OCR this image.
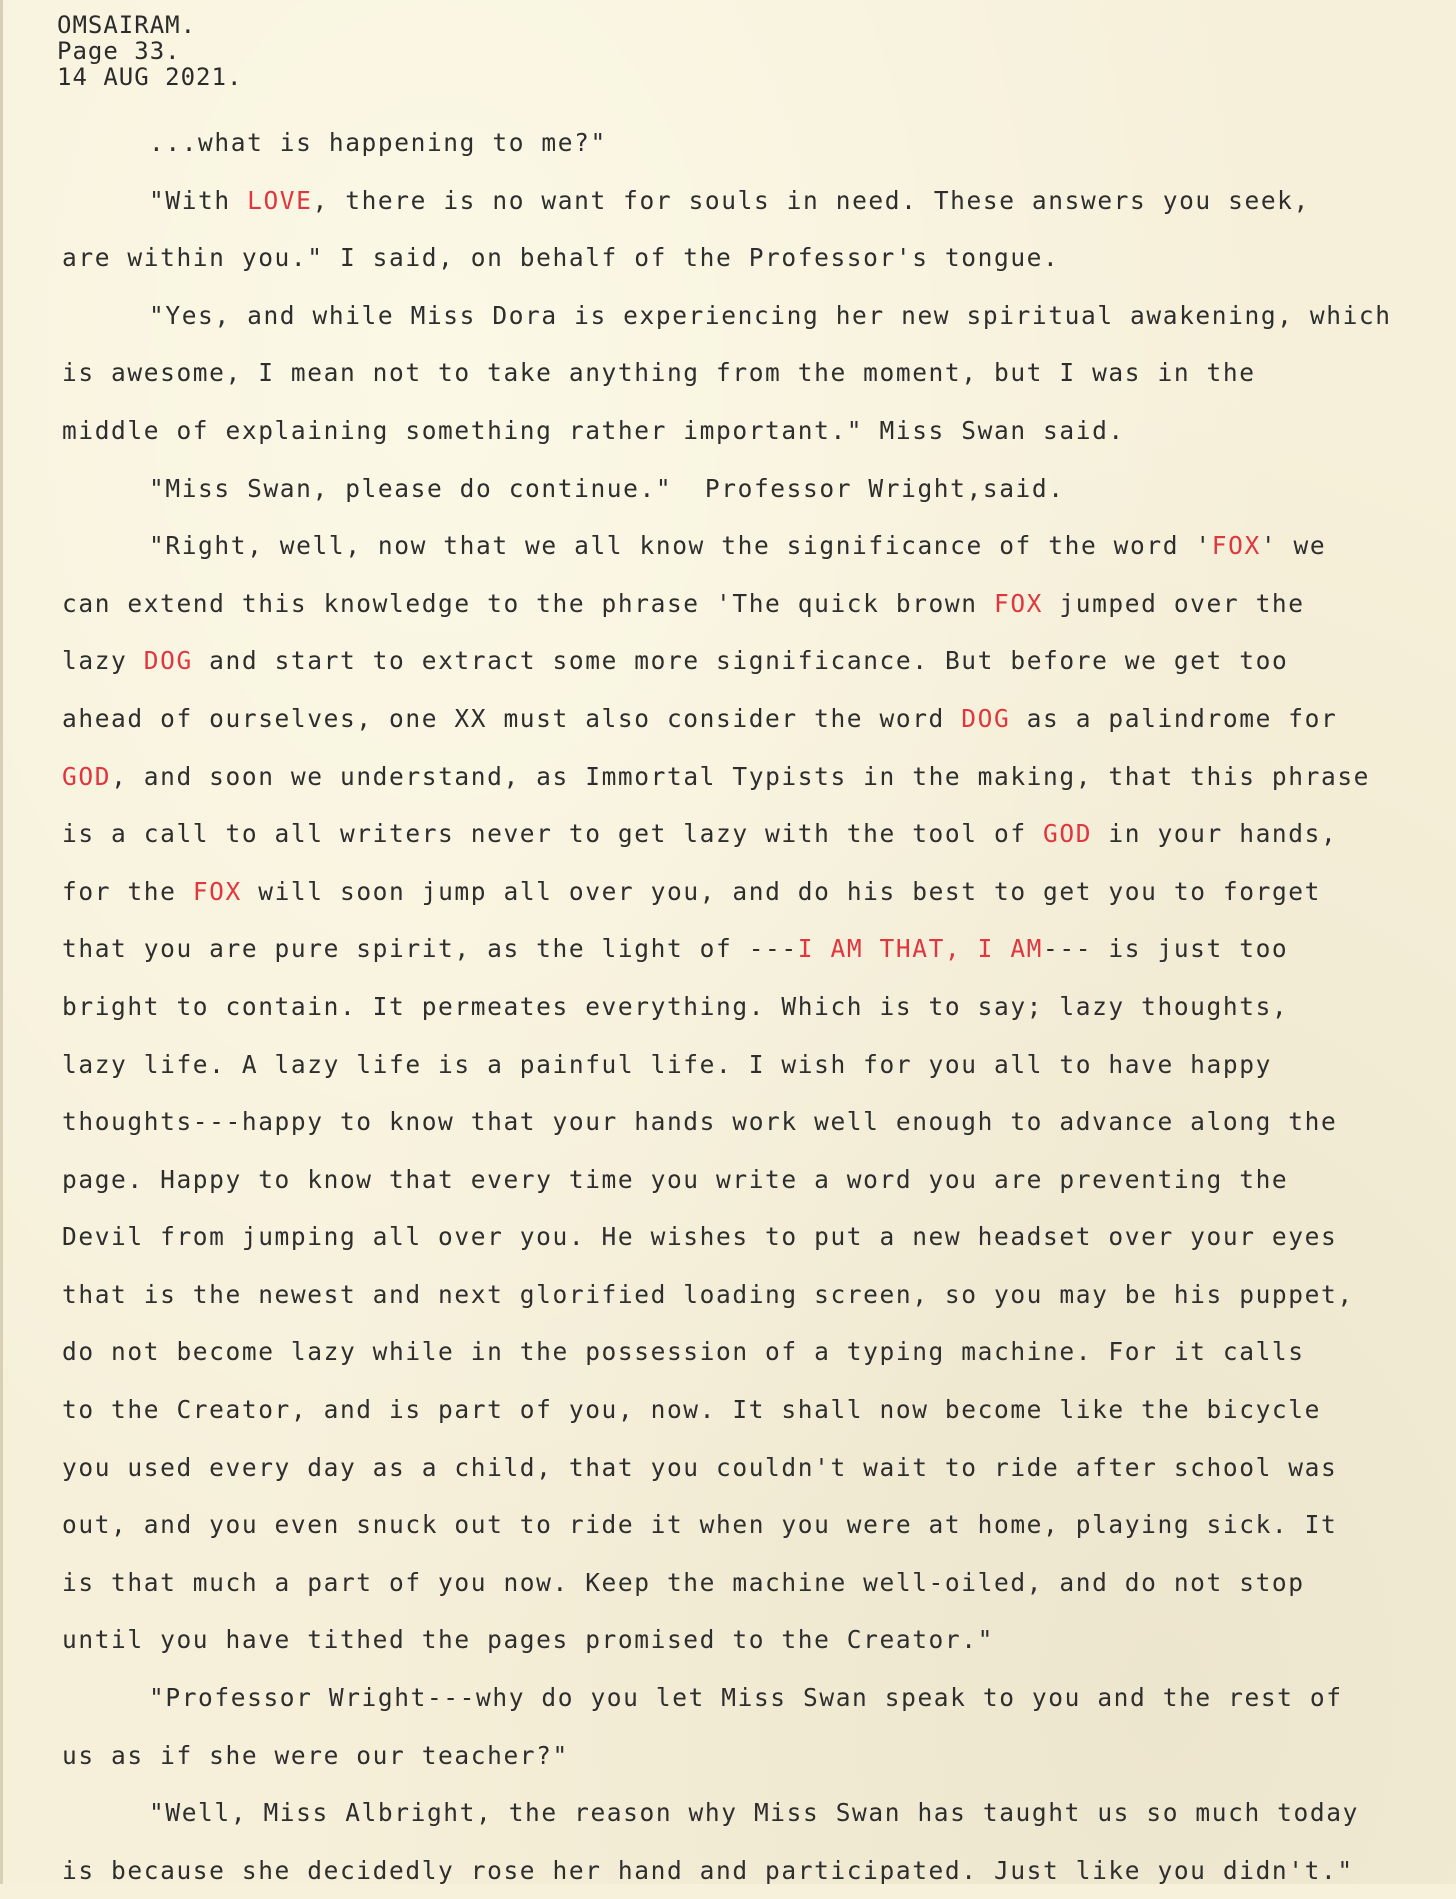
OMSAIRAM.
Page 33.
14 AUG 2021.
...what is happening to me?"
"With LOVE, there is no want for souls in need. These answers you seek,
are within you." I said, on behalf of the Professor's tongue.
"Yes, and while Miss Dora is experiencing her new spiritual awakening, which
is awesome, I mean not to take anything from the moment, but I was in the
middle of explaining something rather important." Miss Swan said.
"Miss Swan, please do continue."  Professor Wright,said.
"Right, well, now that we all know the significance of the word 'FOX' we
can extend this knowledge to the phrase 'The quick brown FOX jumped over the
lazy DOG and start to extract some more significance. But before we get too
ahead of ourselves, one XX must also consider the word DOG as a palindrome for
GOD, and soon we understand, as Immortal Typists in the making, that this phrase
is a call to all writers never to get lazy with the tool of GOD in your hands,
for the FOX will soon jump all over you, and do his best to get you to forget
that you are pure spirit, as the light of ---I AM THAT, I AM--- is just too
bright to contain. It permeates everything. Which is to say; lazy thoughts,
lazy life. A lazy life is a painful life. I wish for you all to have happy
thoughts---happy to know that your hands work well enough to advance along the
page. Happy to know that every time you write a word you are preventing the
Devil from jumping all over you. He wishes to put a new headset over your eyes
that is the newest and next glorified loading screen, so you may be his puppet,
do not become lazy while in the possession of a typing machine. For it calls
to the Creator, and is part of you, now. It shall now become like the bicycle
you used every day as a child, that you couldn't wait to ride after school was
out, and you even snuck out to ride it when you were at home, playing sick. It
is that much a part of you now. Keep the machine well-oiled, and do not stop
until you have tithed the pages promised to the Creator."
"Professor Wright---why do you let Miss Swan speak to you and the rest of
us as if she were our teacher?"
"Well, Miss Albright, the reason why Miss Swan has taught us so much today
is because she decidedly rose her hand and participated. Just like you didn't."
